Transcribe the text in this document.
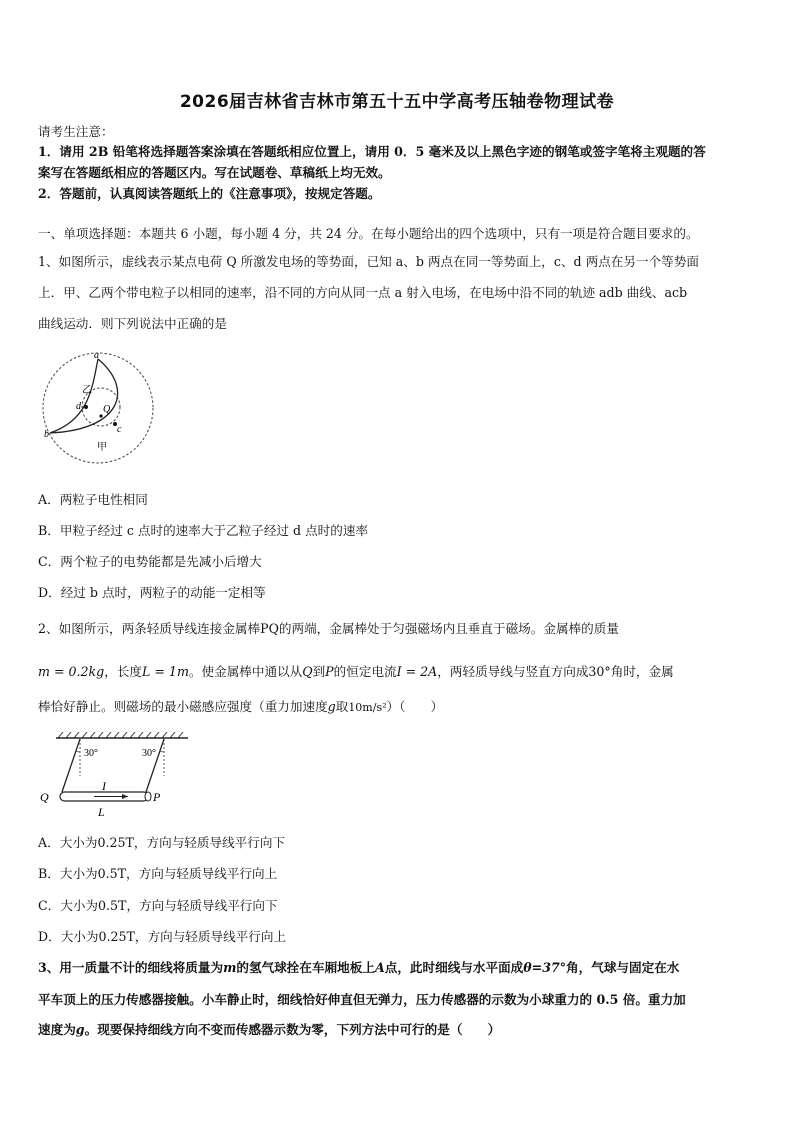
2026届吉林省吉林市第五十五中学高考压轴卷物理试卷
请考生注意：
1．请用 2B 铅笔将选择题答案涂填在答题纸相应位置上，请用 0．5 毫米及以上黑色字迹的钢笔或签字笔将主观题的答
案写在答题纸相应的答题区内。写在试题卷、草稿纸上均无效。
2．答题前，认真阅读答题纸上的《注意事项》，按规定答题。
一、单项选择题：本题共 6 小题，每小题 4 分，共 24 分。在每小题给出的四个选项中，只有一项是符合题目要求的。
1、如图所示，虚线表示某点电荷 Q 所激发电场的等势面，已知 a、b 两点在同一等势面上，c、d 两点在另一个等势面
上．甲、乙两个带电粒子以相同的速率，沿不同的方向从同一点 a 射入电场，在电场中沿不同的轨迹 adb 曲线、acb
曲线运动．则下列说法中正确的是
a
b	c
d Q
乙
甲
A．两粒子电性相同
B．甲粒子经过 c 点时的速率大于乙粒子经过 d 点时的速率
C．两个粒子的电势能都是先减小后增大
D．经过 b 点时，两粒子的动能一定相等
2、如图所示，两条轻质导线连接金属棒PQ的两端，金属棒处于匀强磁场内且垂直于磁场。金属棒的质量
m = 0.2kg，长度L = 1m。使金属棒中通以从Q到P的恒定电流I = 2A，两轻质导线与竖直方向成30°角时，金属
棒恰好静止。则磁场的最小磁感应强度（重力加速度g取10m/s²）（　　）
30°	30°
I
Q	P
L
A．大小为0.25T，方向与轻质导线平行向下
B．大小为0.5T，方向与轻质导线平行向上
C．大小为0.5T，方向与轻质导线平行向下
D．大小为0.25T，方向与轻质导线平行向上
3、用一质量不计的细线将质量为m的氢气球拴在车厢地板上A点，此时细线与水平面成θ=37°角，气球与固定在水
平车顶上的压力传感器接触。小车静止时，细线恰好伸直但无弹力，压力传感器的示数为小球重力的 0.5 倍。重力加
速度为g。现要保持细线方向不变而传感器示数为零，下列方法中可行的是（　　）
